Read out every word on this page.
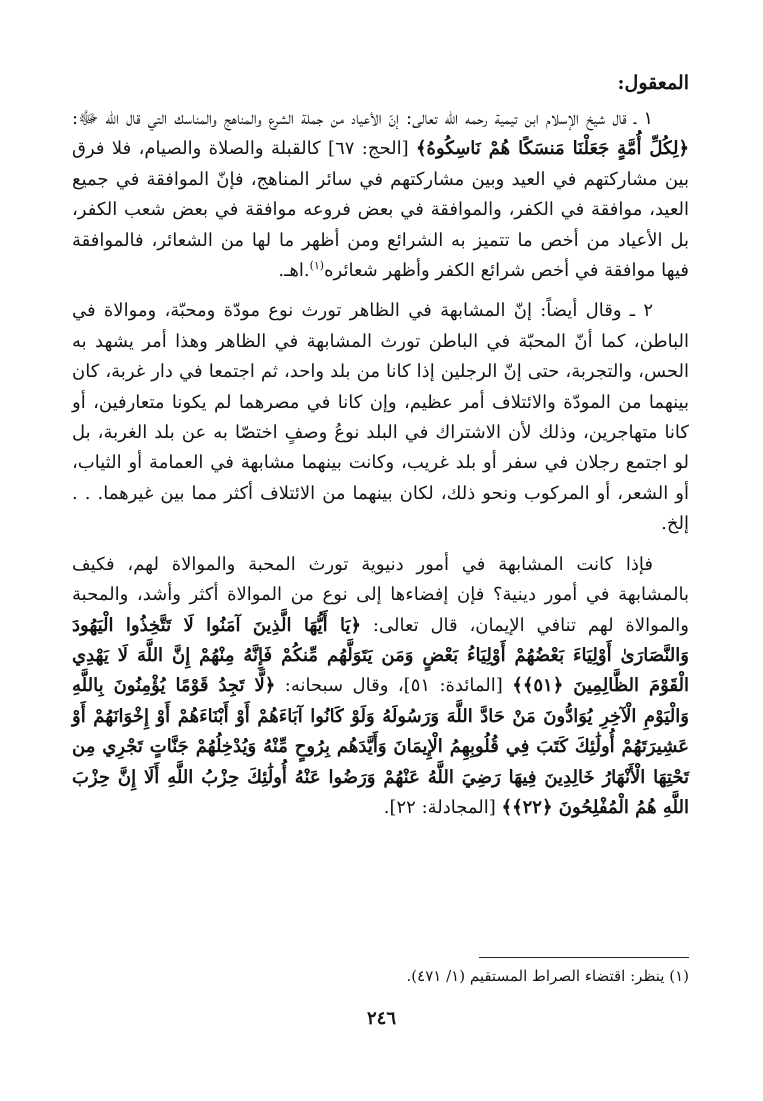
المعقول:

١ ـ قال شيخ الإسلام ابن تيمية رحمه الله تعالى: إنّ الأعياد من جملة الشرع والمناهج والمناسك التي قال الله ﷻ: ﴿لِكُلِّ أُمَّةٍ جَعَلْنَا مَنسَكًا هُمْ نَاسِكُوهُ﴾ [الحج: ٦٧] كالقبلة والصلاة والصيام، فلا فرق بين مشاركتهم في العيد وبين مشاركتهم في سائر المناهج، فإنّ الموافقة في جميع العيد، موافقة في الكفر، والموافقة في بعض فروعه موافقة في بعض شعب الكفر، بل الأعياد من أخص ما تتميز به الشرائع ومن أظهر ما لها من الشعائر، فالموافقة فيها موافقة في أخص شرائع الكفر وأظهر شعائره$^{(١)}$.اهـ.

٢ ـ وقال أيضاً: إنّ المشابهة في الظاهر تورث نوع مودّة ومحبّة، وموالاة في الباطن، كما أنّ المحبّة في الباطن تورث المشابهة في الظاهر وهذا أمر يشهد به الحس، والتجربة، حتى إنّ الرجلين إذا كانا من بلد واحد، ثم اجتمعا في دار غربة، كان بينهما من المودّة والائتلاف أمر عظيم، وإن كانا في مصرهما لم يكونا متعارفين، أو كانا متهاجرين، وذلك لأن الاشتراك في البلد نوعُ وصفٍ اختصّا به عن بلد الغربة، بل لو اجتمع رجلان في سفر أو بلد غريب، وكانت بينهما مشابهة في العمامة أو الثياب، أو الشعر، أو المركوب ونحو ذلك، لكان بينهما من الائتلاف أكثر مما بين غيرهما. . . إلخ.

فإذا كانت المشابهة في أمور دنيوية تورث المحبة والموالاة لهم، فكيف بالمشابهة في أمور دينية؟ فإن إفضاءها إلى نوع من الموالاة أكثر وأشد، والمحبة والموالاة لهم تنافي الإيمان، قال تعالى: ﴿يَا أَيُّهَا الَّذِينَ آمَنُوا لَا تَتَّخِذُوا الْيَهُودَ وَالنَّصَارَىٰ أَوْلِيَاءَ بَعْضُهُمْ أَوْلِيَاءُ بَعْضٍ وَمَن يَتَوَلَّهُم مِّنكُمْ فَإِنَّهُ مِنْهُمْ إِنَّ اللَّهَ لَا يَهْدِي الْقَوْمَ الظَّالِمِينَ ﴿٥١﴾﴾ [المائدة: ٥١]، وقال سبحانه: ﴿لَّا تَجِدُ قَوْمًا يُؤْمِنُونَ بِاللَّهِ وَالْيَوْمِ الْآخِرِ يُوَادُّونَ مَنْ حَادَّ اللَّهَ وَرَسُولَهُ وَلَوْ كَانُوا آبَاءَهُمْ أَوْ أَبْنَاءَهُمْ أَوْ إِخْوَانَهُمْ أَوْ عَشِيرَتَهُمْ أُولَٰئِكَ كَتَبَ فِي قُلُوبِهِمُ الْإِيمَانَ وَأَيَّدَهُم بِرُوحٍ مِّنْهُ وَيُدْخِلُهُمْ جَنَّاتٍ تَجْرِي مِن تَحْتِهَا الْأَنْهَارُ خَالِدِينَ فِيهَا رَضِيَ اللَّهُ عَنْهُمْ وَرَضُوا عَنْهُ أُولَٰئِكَ حِزْبُ اللَّهِ أَلَا إِنَّ حِزْبَ اللَّهِ هُمُ الْمُفْلِحُونَ ﴿٢٢﴾﴾ [المجادلة: ٢٢].

(١) ينظر: اقتضاء الصراط المستقيم (١/ ٤٧١).
٢٤٦
